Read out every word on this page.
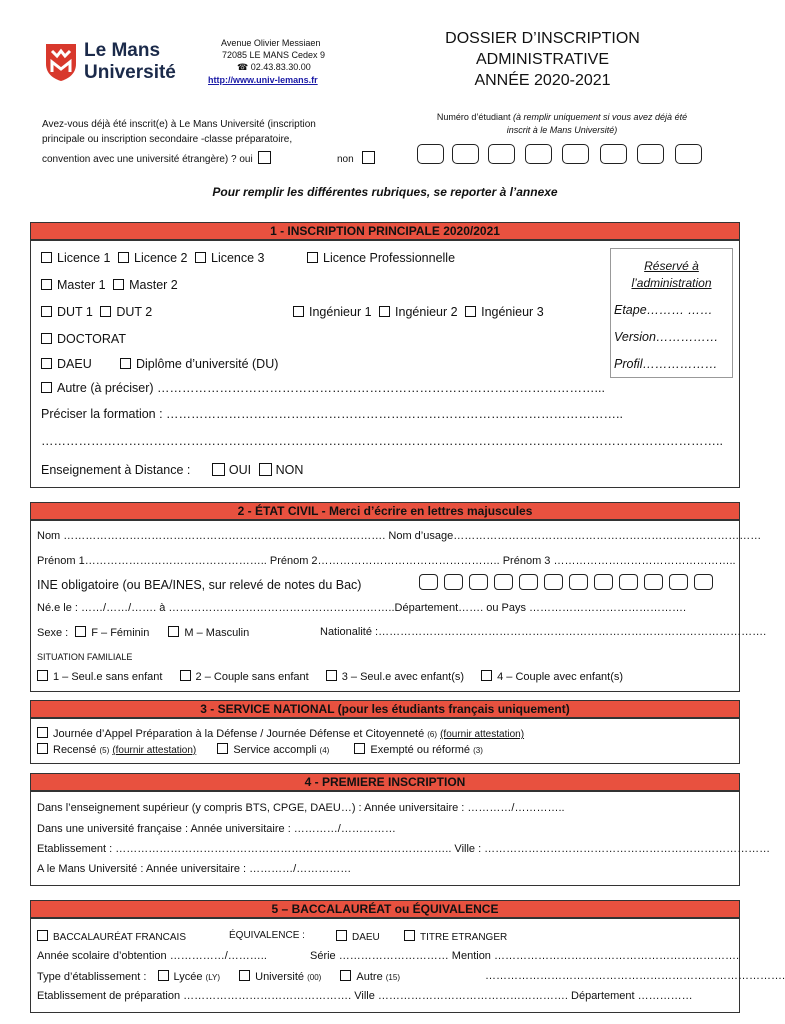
Le Mans
Université
Avenue Olivier Messiaen
72085 LE MANS Cedex 9
☎ 02.43.83.30.00
http://www.univ-lemans.fr
DOSSIER D’INSCRIPTION
ADMINISTRATIVE
ANNÉE 2020-2021
Avez-vous déjà été inscrit(e) à Le Mans Université (inscription
principale ou inscription secondaire -classe préparatoire,
convention avec une université étrangère) ? oui	non
Numéro d’étudiant (à remplir uniquement si vous avez déjà été
inscrit à le Mans Université)
Pour remplir les différentes rubriques, se reporter à l’annexe
1 - INSCRIPTION PRINCIPALE 2020/2021
Licence 1 Licence 2 Licence 3	Licence Professionnelle
Master 1 Master 2
DUT 1 DUT 2	Ingénieur 1 Ingénieur 2 Ingénieur 3
DOCTORAT
DAEU	Diplôme d’université (DU)
Autre (à préciser) ……………………………………………………………………………………………...
Préciser la formation : ………………………………………………………………………………………………..
………………………………………………………………………………………………………………………………………………..
Enseignement à Distance :	OUI NON
Réservé à
l’administration
Etape……… ……
Version……………
Profil………………
2 - ÉTAT CIVIL - Merci d’écrire en lettres majuscules
Nom ……………………………………………………………………………. Nom d’usage…………………………………………………………………………
Prénom 1………………………………………….. Prénom 2………………………………………….. Prénom 3 …………………………………………..
INE obligatoire (ou BEA/INES, sur relevé de notes du Bac)
Né.e le : ……/……/……. à ……………………………………………………..Département……. ou Pays …………………………………….
Sexe : F – Féminin	M – Masculin	Nationalité :…………………………………………………………………………………………….
SITUATION FAMILIALE
1 – Seul.e sans enfant	2 – Couple sans enfant	3 – Seul.e avec enfant(s)	4 – Couple avec enfant(s)
3 - SERVICE NATIONAL (pour les étudiants français uniquement)
Journée d’Appel Préparation à la Défense / Journée Défense et Citoyenneté (6) (fournir attestation)
Recensé (5) (fournir attestation)	Service accompli (4)	Exempté ou réformé (3)
4 - PREMIERE INSCRIPTION
Dans l’enseignement supérieur (y compris BTS, CPGE, DAEU…) : Année universitaire : …………/…………..
Dans une université française : Année universitaire : …………/……………
Etablissement : ……………………………………………………………………………….. Ville : ……………………………………………………………………
A le Mans Université : Année universitaire : …………/……………
5 – BACCALAURÉAT ou ÉQUIVALENCE
BACCALAURÉAT FRANCAIS	ÉQUIVALENCE :	DAEU	TITRE ETRANGER
Année scolaire d’obtention ……………/………..	Série ………………………… Mention ………………………………………………………….
Type d’établissement : Lycée (LY)	Université (00)	Autre (15)	……………………………………………………………………….
Etablissement de préparation ………………………………………. Ville ……………………………………………. Département ……………
